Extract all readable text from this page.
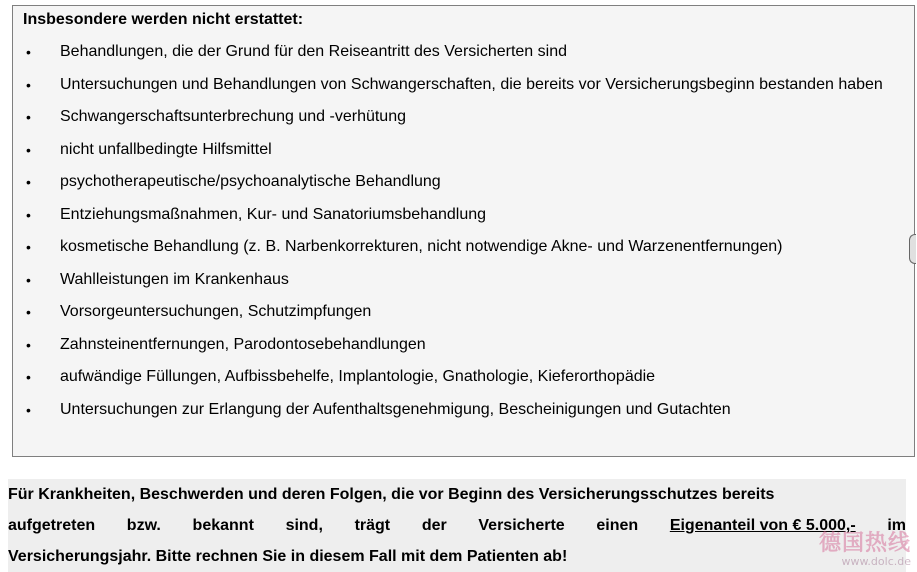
Insbesondere werden nicht erstattet:
• Behandlungen, die der Grund für den Reiseantritt des Versicherten sind
• Untersuchungen und Behandlungen von Schwangerschaften, die bereits vor Versicherungsbeginn bestanden haben
• Schwangerschaftsunterbrechung und -verhütung
• nicht unfallbedingte Hilfsmittel
• psychotherapeutische/psychoanalytische Behandlung
• Entziehungsmaßnahmen, Kur- und Sanatoriumsbehandlung
• kosmetische Behandlung (z. B. Narbenkorrekturen, nicht notwendige Akne- und Warzenentfernungen)
• Wahlleistungen im Krankenhaus
• Vorsorgeuntersuchungen, Schutzimpfungen
• Zahnsteinentfernungen, Parodontosebehandlungen
• aufwändige Füllungen, Aufbissbehelfe, Implantologie, Gnathologie, Kieferorthopädie
• Untersuchungen zur Erlangung der Aufenthaltsgenehmigung, Bescheinigungen und Gutachten
Für Krankheiten, Beschwerden und deren Folgen, die vor Beginn des Versicherungsschutzes bereits
aufgetreten bzw. bekannt sind, trägt der Versicherte einen Eigenanteil von € 5.000,- im
Versicherungsjahr. Bitte rechnen Sie in diesem Fall mit dem Patienten ab!
德国热线
www.dolc.de
